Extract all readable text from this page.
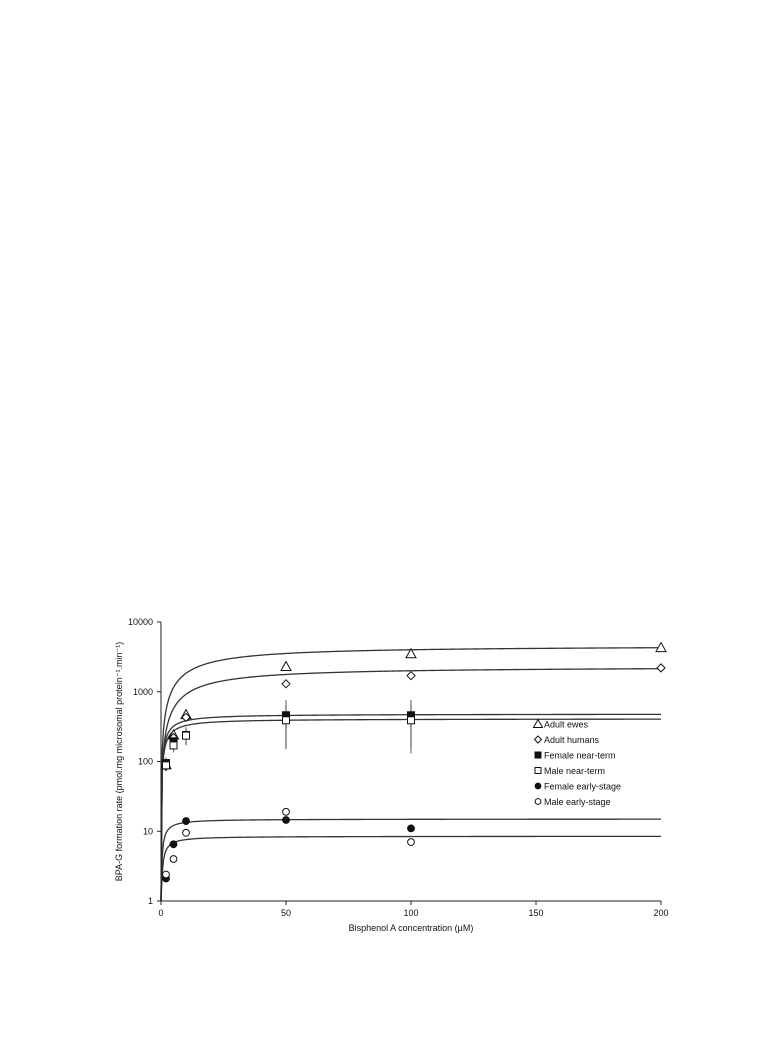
0	50	100	150	200
1
10
100
1000
10000
Bisphenol A concentration (µM)
BPA-G formation rate (pmol.mg microsomal protein⁻¹.min⁻¹)	Adult ewes
Adult humans
Female near-term
Male near-term
Female early-stage
Male early-stage
